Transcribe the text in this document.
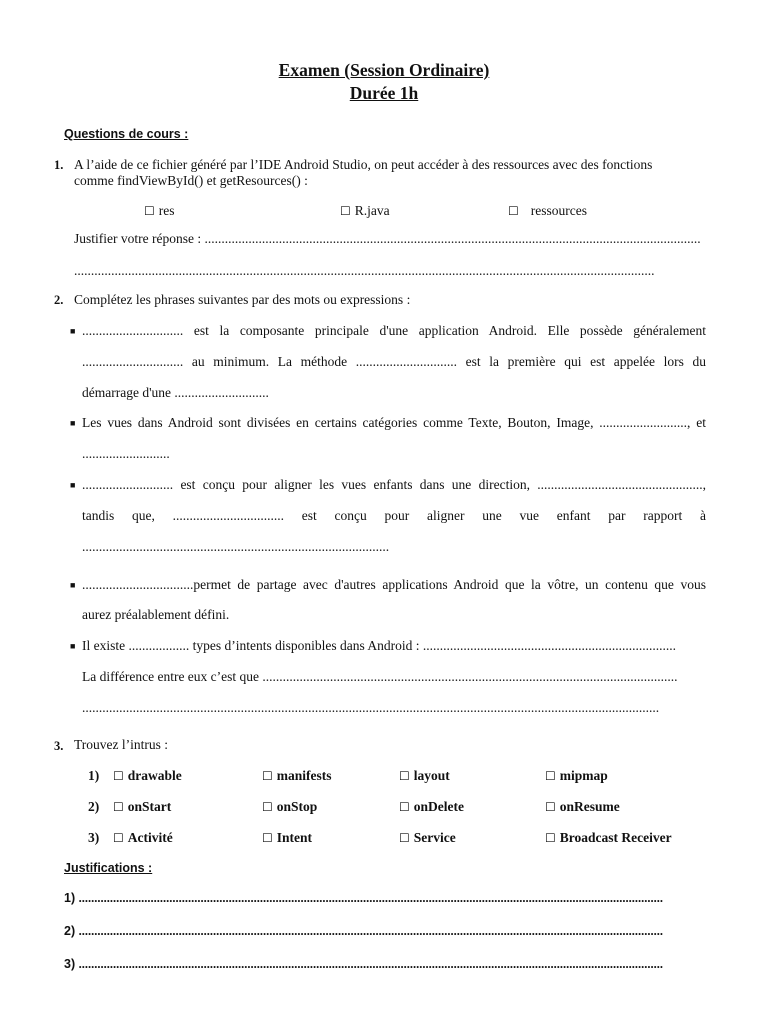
Examen (Session Ordinaire)
Durée 1h
Questions de cours :
1. A l’aide de ce fichier généré par l’IDE Android Studio, on peut accéder à des ressources avec des fonctions
comme findViewById() et getResources() :
☐ res	☐ R.java	☐ ressources
Justifier votre réponse : ...................................................................................................................................................
............................................................................................................................................................................
2. Complétez les phrases suivantes par des mots ou expressions :
■ .............................. est la composante principale d'une application Android. Elle possède généralement
.............................. au minimum. La méthode .............................. est la première qui est appelée lors du
démarrage d'une ............................
■ Les vues dans Android sont divisées en certains catégories comme Texte, Bouton, Image, .........................., et
..........................
■ ........................... est conçu pour aligner les vues enfants dans une direction, .................................................,
tandis que, ................................. est conçu pour aligner une vue enfant par rapport à
...........................................................................................
■ .................................permet de partage avec d'autres applications Android que la vôtre, un contenu que vous
aurez préalablement défini.
■ Il existe .................. types d’intents disponibles dans Android : ...........................................................................
La différence entre eux c’est que ...........................................................................................................................
...........................................................................................................................................................................
3. Trouvez l’intrus :
1) ☐ drawable	☐ manifests	☐ layout	☐ mipmap
2) ☐ onStart	☐ onStop	☐ onDelete	☐ onResume
3) ☐ Activité	☐ Intent	☐ Service	☐ Broadcast Receiver
Justifications :
1) ...........................................................................................................................................................................................
2) ...........................................................................................................................................................................................
3) ...........................................................................................................................................................................................
